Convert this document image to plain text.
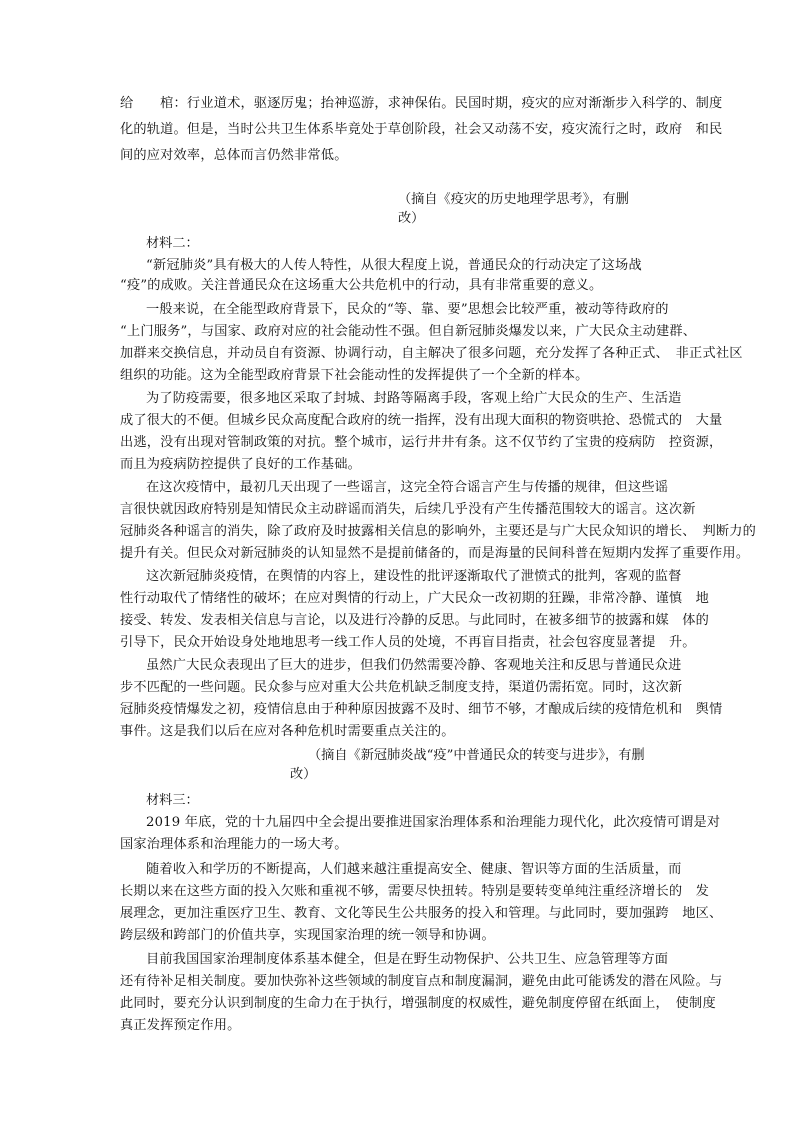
给　　棺：行业道术，驱逐厉鬼；抬神巡游，求神保佑。民国时期，疫灾的应对渐渐步入科学的、制度
化的轨道。但是，当时公共卫生体系毕竟处于草创阶段，社会又动荡不安，疫灾流行之时，政府　和民
间的应对效率，总体而言仍然非常低。
（摘自《疫灾的历史地理学思考》，有删
改）
材料二：
“新冠肺炎”具有极大的人传人特性，从很大程度上说，普通民众的行动决定了这场战
“疫”的成败。关注普通民众在这场重大公共危机中的行动，具有非常重要的意义。
一般来说，在全能型政府背景下，民众的“等、靠、要”思想会比较严重，被动等待政府的
“上门服务”，与国家、政府对应的社会能动性不强。但自新冠肺炎爆发以来，广大民众主动建群、
加群来交换信息，并动员自有资源、协调行动，自主解决了很多问题，充分发挥了各种正式、　非正式社区
组织的功能。这为全能型政府背景下社会能动性的发挥提供了一个全新的样本。
为了防疫需要，很多地区采取了封城、封路等隔离手段，客观上给广大民众的生产、生活造
成了很大的不便。但城乡民众高度配合政府的统一指挥，没有出现大面积的物资哄抢、恐慌式的　大量
出逃，没有出现对管制政策的对抗。整个城市，运行井井有条。这不仅节约了宝贵的疫病防　控资源，
而且为疫病防控提供了良好的工作基础。
在这次疫情中，最初几天出现了一些谣言，这完全符合谣言产生与传播的规律，但这些谣
言很快就因政府特别是知情民众主动辟谣而消失，后续几乎没有产生传播范围较大的谣言。这次新
冠肺炎各种谣言的消失，除了政府及时披露相关信息的影响外，主要还是与广大民众知识的增长、　判断力的
提升有关。但民众对新冠肺炎的认知显然不是提前储备的，而是海量的民间科普在短期内发挥了重要作用。
这次新冠肺炎疫情，在舆情的内容上，建设性的批评逐渐取代了泄愤式的批判，客观的监督
性行动取代了情绪性的破坏；在应对舆情的行动上，广大民众一改初期的狂躁，非常冷静、谨慎　地
接受、转发、发表相关信息与言论，以及进行冷静的反思。与此同时，在被多细节的披露和媒　体的
引导下，民众开始设身处地地思考一线工作人员的处境，不再盲目指责，社会包容度显著提　升。
虽然广大民众表现出了巨大的进步，但我们仍然需要冷静、客观地关注和反思与普通民众进
步不匹配的一些问题。民众参与应对重大公共危机缺乏制度支持，渠道仍需拓宽。同时，这次新
冠肺炎疫情爆发之初，疫情信息由于种种原因披露不及时、细节不够，才酿成后续的疫情危机和　舆情
事件。这是我们以后在应对各种危机时需要重点关注的。
（摘自《新冠肺炎战“疫”中普通民众的转变与进步》，有删
改）
材料三：
2019 年底，党的十九届四中全会提出要推进国家治理体系和治理能力现代化，此次疫情可谓是对
国家治理体系和治理能力的一场大考。
随着收入和学历的不断提高，人们越来越注重提高安全、健康、智识等方面的生活质量，而
长期以来在这些方面的投入欠账和重视不够，需要尽快扭转。特别是要转变单纯注重经济增长的　发
展理念，更加注重医疗卫生、教育、文化等民生公共服务的投入和管理。与此同时，要加强跨　地区、
跨层级和跨部门的价值共享，实现国家治理的统一领导和协调。
目前我国国家治理制度体系基本健全，但是在野生动物保护、公共卫生、应急管理等方面
还有待补足相关制度。要加快弥补这些领域的制度盲点和制度漏洞，避免由此可能诱发的潜在风险。与
此同时，要充分认识到制度的生命力在于执行，增强制度的权威性，避免制度停留在纸面上，　使制度
真正发挥预定作用。
